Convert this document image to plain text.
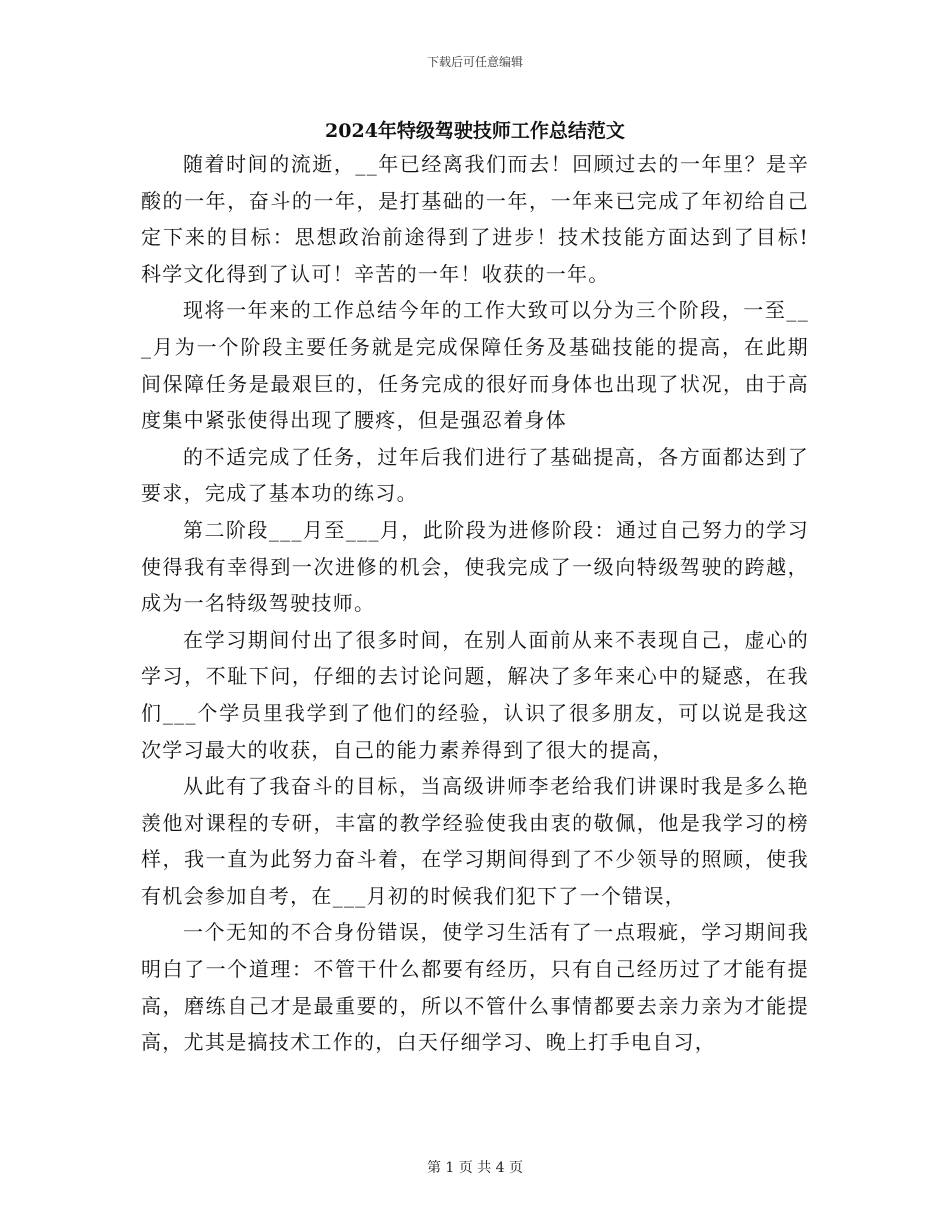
下载后可任意编辑
2024年特级驾驶技师工作总结范文

随着时间的流逝，__年已经离我们而去！回顾过去的一年里？是辛酸的一年，奋斗的一年，是打基础的一年，一年来已完成了年初给自己定下来的目标：思想政治前途得到了进步！技术技能方面达到了目标!科学文化得到了认可！辛苦的一年！收获的一年。

现将一年来的工作总结今年的工作大致可以分为三个阶段，一至___月为一个阶段主要任务就是完成保障任务及基础技能的提高，在此期间保障任务是最艰巨的，任务完成的很好而身体也出现了状况，由于高度集中紧张使得出现了腰疼，但是强忍着身体

的不适完成了任务，过年后我们进行了基础提高，各方面都达到了要求，完成了基本功的练习。

第二阶段___月至___月，此阶段为进修阶段：通过自己努力的学习使得我有幸得到一次进修的机会，使我完成了一级向特级驾驶的跨越，成为一名特级驾驶技师。

在学习期间付出了很多时间，在别人面前从来不表现自己，虚心的学习，不耻下问，仔细的去讨论问题，解决了多年来心中的疑惑，在我们___个学员里我学到了他们的经验，认识了很多朋友，可以说是我这次学习最大的收获，自己的能力素养得到了很大的提高，

从此有了我奋斗的目标，当高级讲师李老给我们讲课时我是多么艳羡他对课程的专研，丰富的教学经验使我由衷的敬佩，他是我学习的榜样，我一直为此努力奋斗着，在学习期间得到了不少领导的照顾，使我有机会参加自考，在___月初的时候我们犯下了一个错误，

一个无知的不合身份错误，使学习生活有了一点瑕疵，学习期间我明白了一个道理：不管干什么都要有经历，只有自己经历过了才能有提高，磨练自己才是最重要的，所以不管什么事情都要去亲力亲为才能提高，尤其是搞技术工作的，白天仔细学习、晚上打手电自习，

第 1 页 共 4 页
